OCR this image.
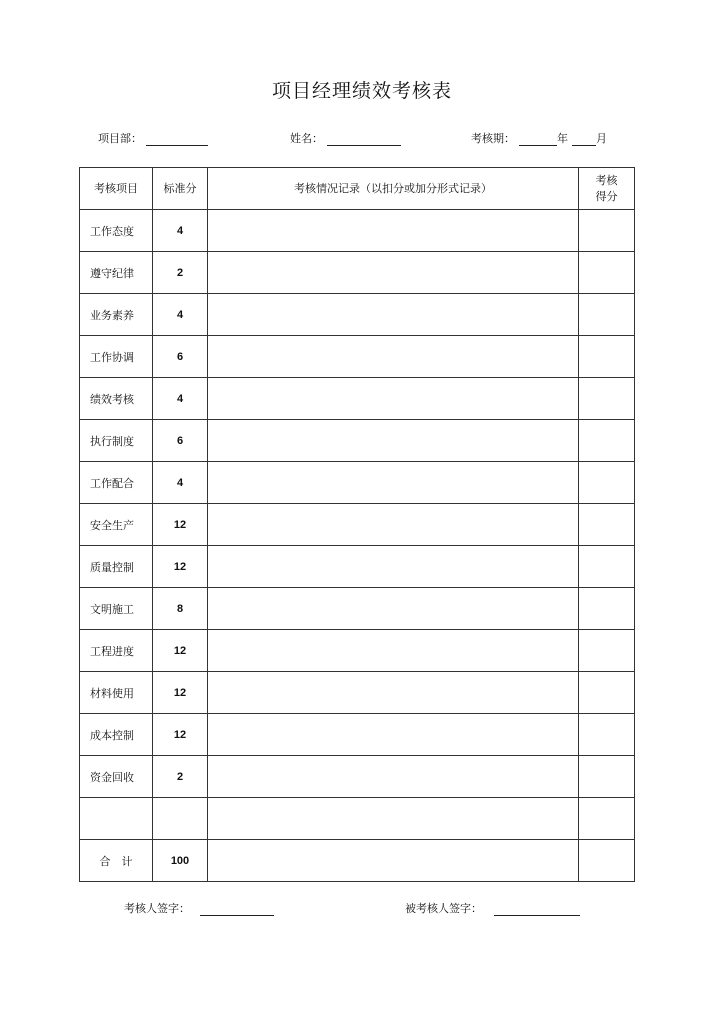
项目经理绩效考核表
项目部：	姓名：	考核期：	年	月
考核项目	标准分	考核情况记录（以扣分或加分形式记录）	考核
得分
工作态度	4		
遵守纪律	2		
业务素养	4		
工作协调	6		
绩效考核	4		
执行制度	6		
工作配合	4		
安全生产	12		
质量控制	12		
文明施工	8		
工程进度	12		
材料使用	12		
成本控制	12		
资金回收	2		

合　计	100		
考核人签字：	被考核人签字：
